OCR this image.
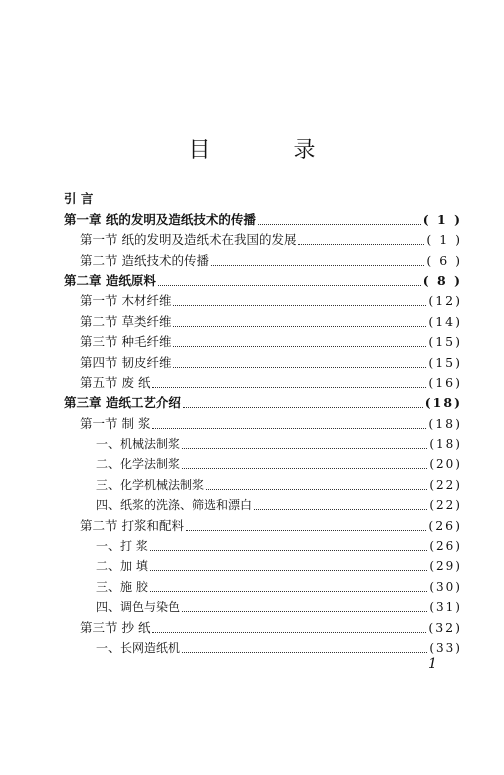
目 录
引 言
第一章 纸的发明及造纸技术的传播	( 1 )
第一节 纸的发明及造纸术在我国的发展	( 1 )
第二节 造纸技术的传播	( 6 )
第二章 造纸原料	( 8 )
第一节 木材纤维	(12)
第二节 草类纤维	(14)
第三节 种毛纤维	(15)
第四节 韧皮纤维	(15)
第五节 废 纸	(16)
第三章 造纸工艺介绍	(18)
第一节 制 浆	(18)
一、机械法制浆	(18)
二、化学法制浆	(20)
三、化学机械法制浆	(22)
四、纸浆的洗涤、筛选和漂白	(22)
第二节 打浆和配料	(26)
一、打 浆	(26)
二、加 填	(29)
三、施 胶	(30)
四、调色与染色	(31)
第三节 抄 纸	(32)
一、长网造纸机	(33)
1
